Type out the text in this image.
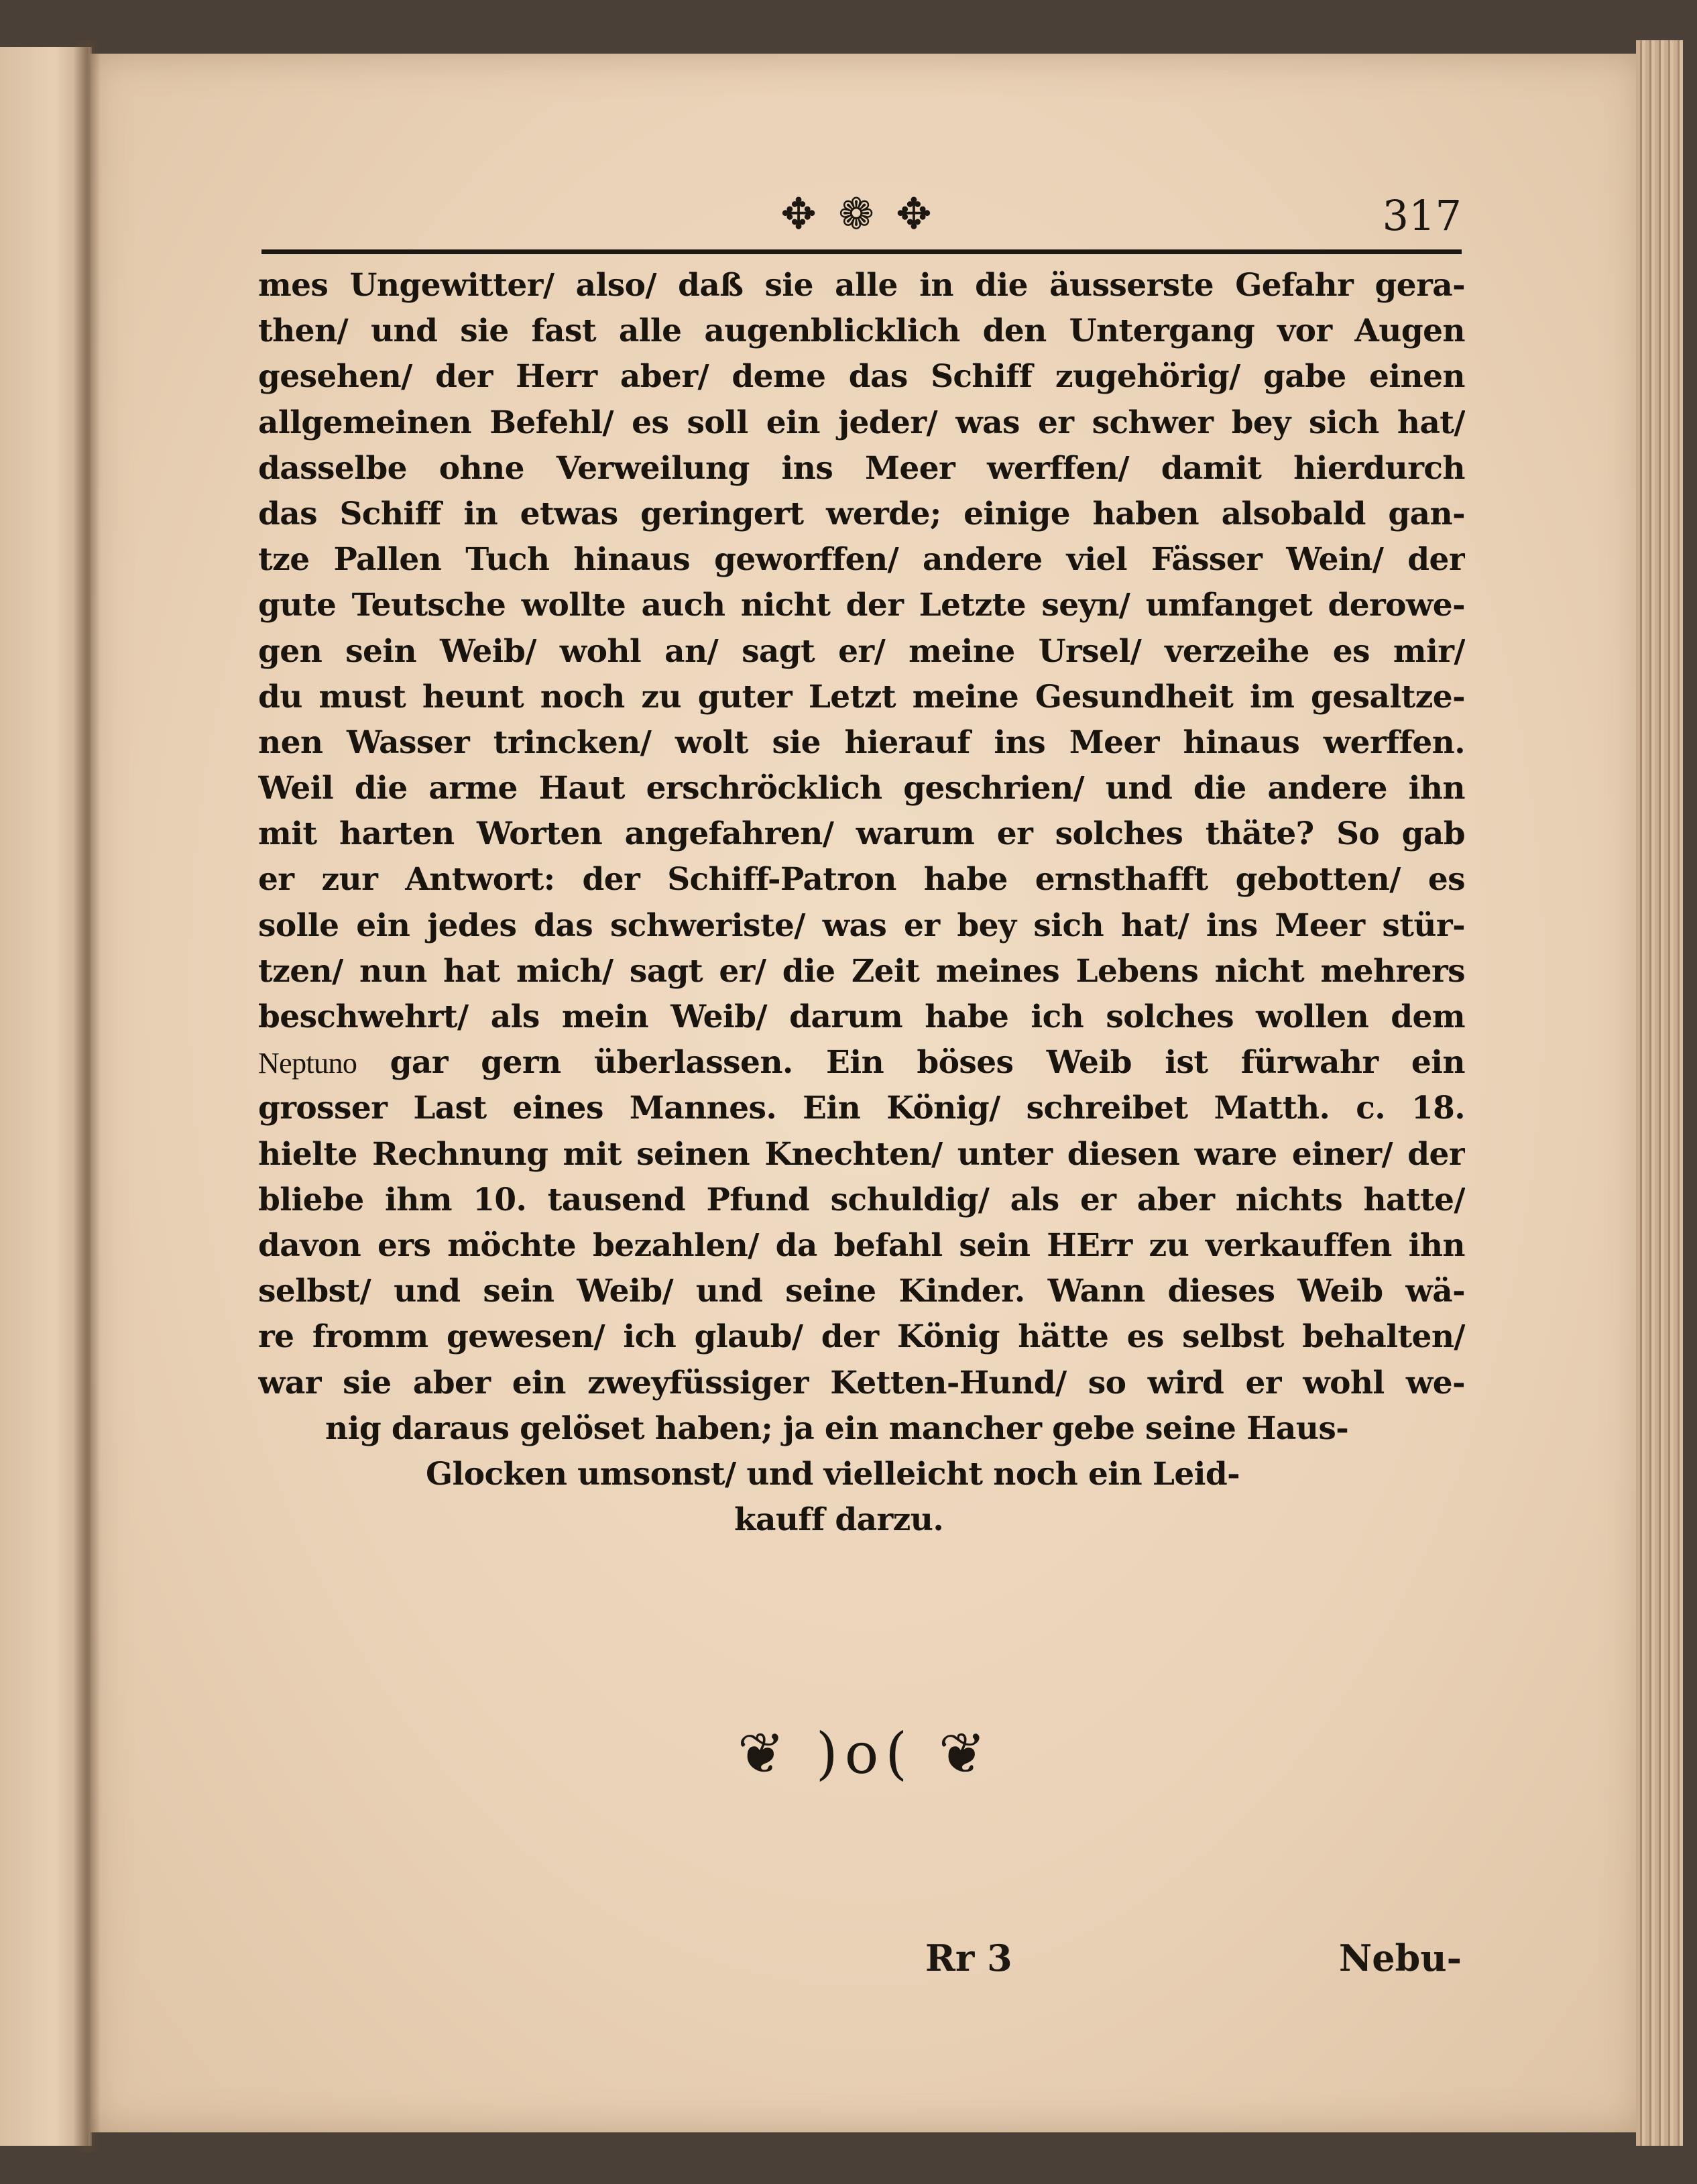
✥ ❁ ✥	317
mes Ungewitter/ also/ daß sie alle in die äusserste Gefahr gera-
then/ und sie fast alle augenblicklich den Untergang vor Augen
gesehen/ der Herr aber/ deme das Schiff zugehörig/ gabe einen
allgemeinen Befehl/ es soll ein jeder/ was er schwer bey sich hat/
dasselbe ohne Verweilung ins Meer werffen/ damit hierdurch
das Schiff in etwas geringert werde; einige haben alsobald gan-
tze Pallen Tuch hinaus geworffen/ andere viel Fässer Wein/ der
gute Teutsche wollte auch nicht der Letzte seyn/ umfanget derowe-
gen sein Weib/ wohl an/ sagt er/ meine Ursel/ verzeihe es mir/
du must heunt noch zu guter Letzt meine Gesundheit im gesaltze-
nen Wasser trincken/ wolt sie hierauf ins Meer hinaus werffen.
Weil die arme Haut erschröcklich geschrien/ und die andere ihn
mit harten Worten angefahren/ warum er solches thäte? So gab
er zur Antwort: der Schiff-Patron habe ernsthafft gebotten/ es
solle ein jedes das schweriste/ was er bey sich hat/ ins Meer stür-
tzen/ nun hat mich/ sagt er/ die Zeit meines Lebens nicht mehrers
beschwehrt/ als mein Weib/ darum habe ich solches wollen dem
Neptuno gar gern überlassen. Ein böses Weib ist fürwahr ein
grosser Last eines Mannes. Ein König/ schreibet Matth. c. 18.
hielte Rechnung mit seinen Knechten/ unter diesen ware einer/ der
bliebe ihm 10. tausend Pfund schuldig/ als er aber nichts hatte/
davon ers möchte bezahlen/ da befahl sein HErr zu verkauffen ihn
selbst/ und sein Weib/ und seine Kinder. Wann dieses Weib wä-
re fromm gewesen/ ich glaub/ der König hätte es selbst behalten/
war sie aber ein zweyfüssiger Ketten-Hund/ so wird er wohl we-
nig daraus gelöset haben; ja ein mancher gebe seine Haus-
Glocken umsonst/ und vielleicht noch ein Leid-
kauff darzu.
❦ )o( ❦
Rr 3	Nebu-
